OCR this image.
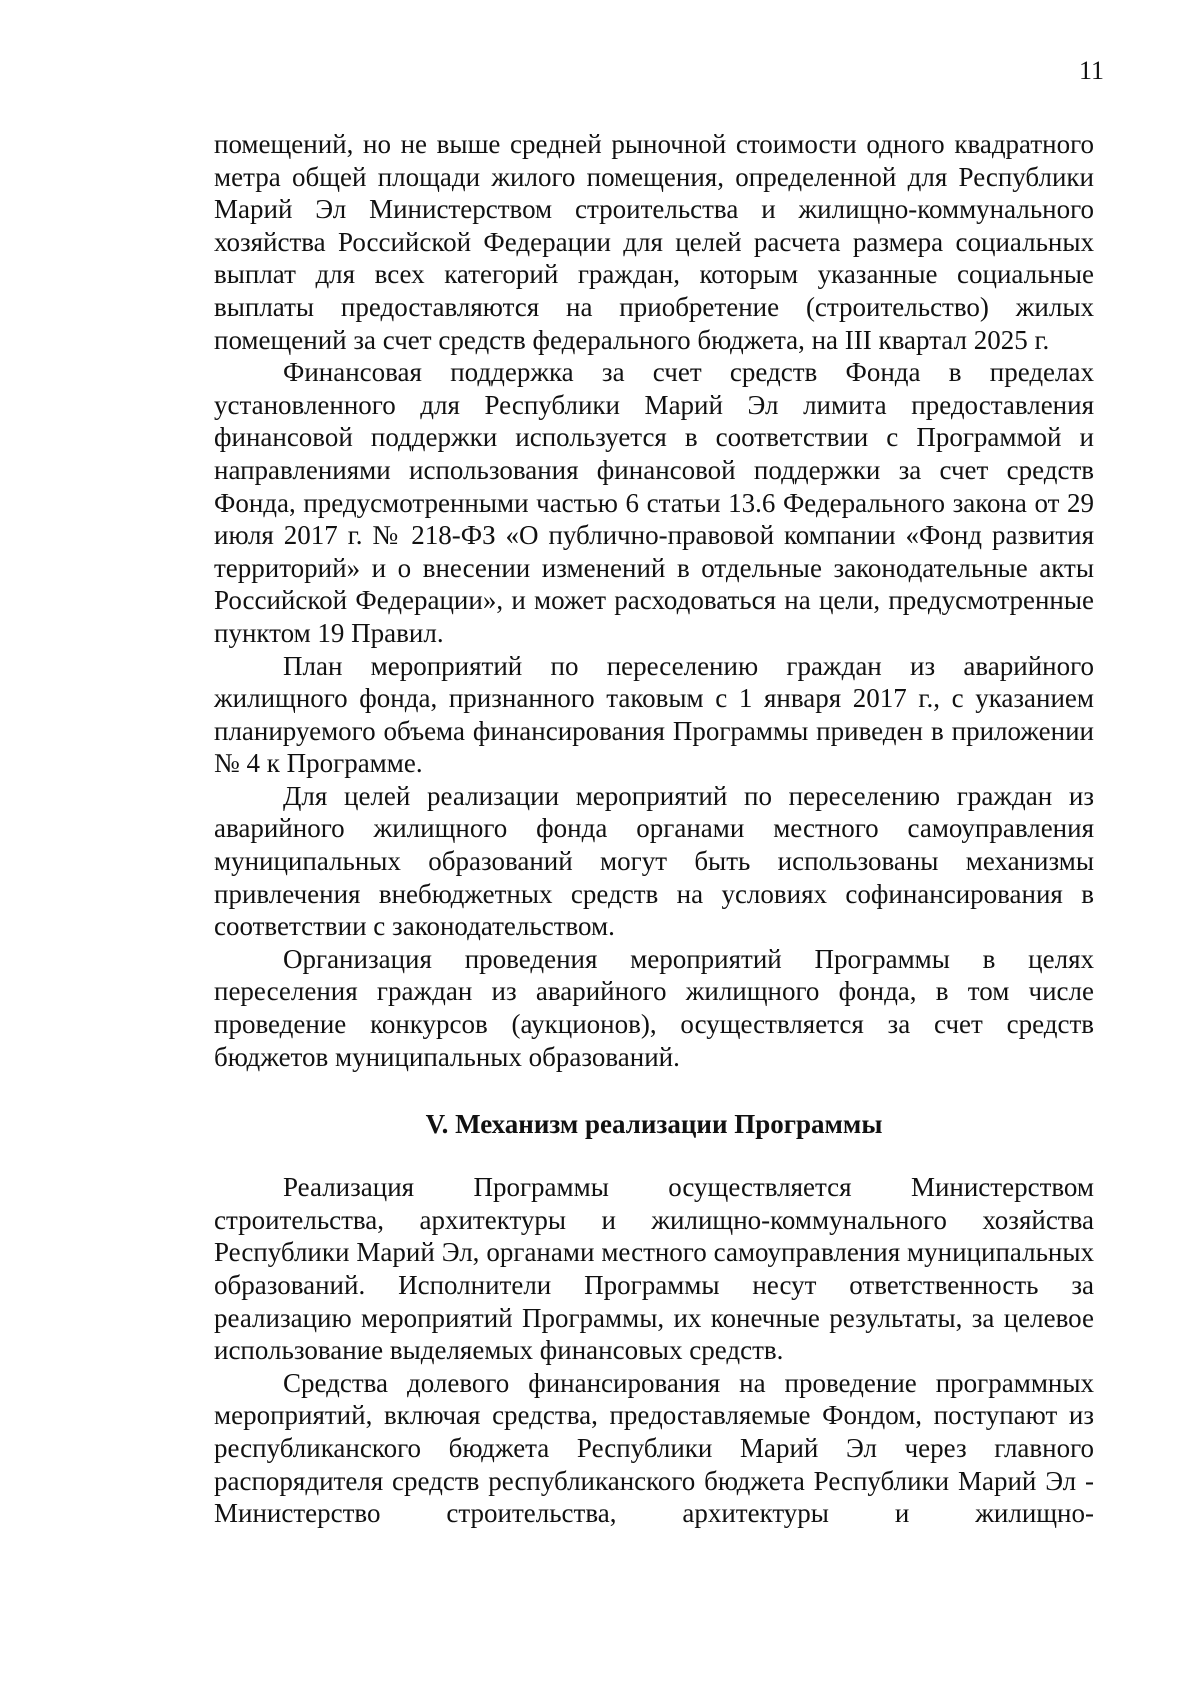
11

помещений, но не выше средней рыночной стоимости одного квадратного метра общей площади жилого помещения, определенной для Республики Марий Эл Министерством строительства и жилищно-коммунального хозяйства Российской Федерации для целей расчета размера социальных выплат для всех категорий граждан, которым указанные социальные выплаты предоставляются на приобретение (строительство) жилых помещений за счет средств федерального бюджета, на III квартал 2025 г.

Финансовая поддержка за счет средств Фонда в пределах установленного для Республики Марий Эл лимита предоставления финансовой поддержки используется в соответствии с Программой и направлениями использования финансовой поддержки за счет средств Фонда, предусмотренными частью 6 статьи 13.6 Федерального закона от 29 июля 2017 г. № 218-ФЗ «О публично-правовой компании «Фонд развития территорий» и о внесении изменений в отдельные законодательные акты Российской Федерации», и может расходоваться на цели, предусмотренные пунктом 19 Правил.

План мероприятий по переселению граждан из аварийного жилищного фонда, признанного таковым с 1 января 2017 г., с указанием планируемого объема финансирования Программы приведен в приложении № 4 к Программе.

Для целей реализации мероприятий по переселению граждан из аварийного жилищного фонда органами местного самоуправления муниципальных образований могут быть использованы механизмы привлечения внебюджетных средств на условиях софинансирования в соответствии с законодательством.

Организация проведения мероприятий Программы в целях переселения граждан из аварийного жилищного фонда, в том числе проведение конкурсов (аукционов), осуществляется за счет средств бюджетов муниципальных образований.

V. Механизм реализации Программы

Реализация Программы осуществляется Министерством строительства, архитектуры и жилищно-коммунального хозяйства Республики Марий Эл, органами местного самоуправления муниципальных образований. Исполнители Программы несут ответственность за реализацию мероприятий Программы, их конечные результаты, за целевое использование выделяемых финансовых средств.

Средства долевого финансирования на проведение программных мероприятий, включая средства, предоставляемые Фондом, поступают из республиканского бюджета Республики Марий Эл через главного распорядителя средств республиканского бюджета Республики Марий Эл - Министерство строительства, архитектуры и жилищно-
